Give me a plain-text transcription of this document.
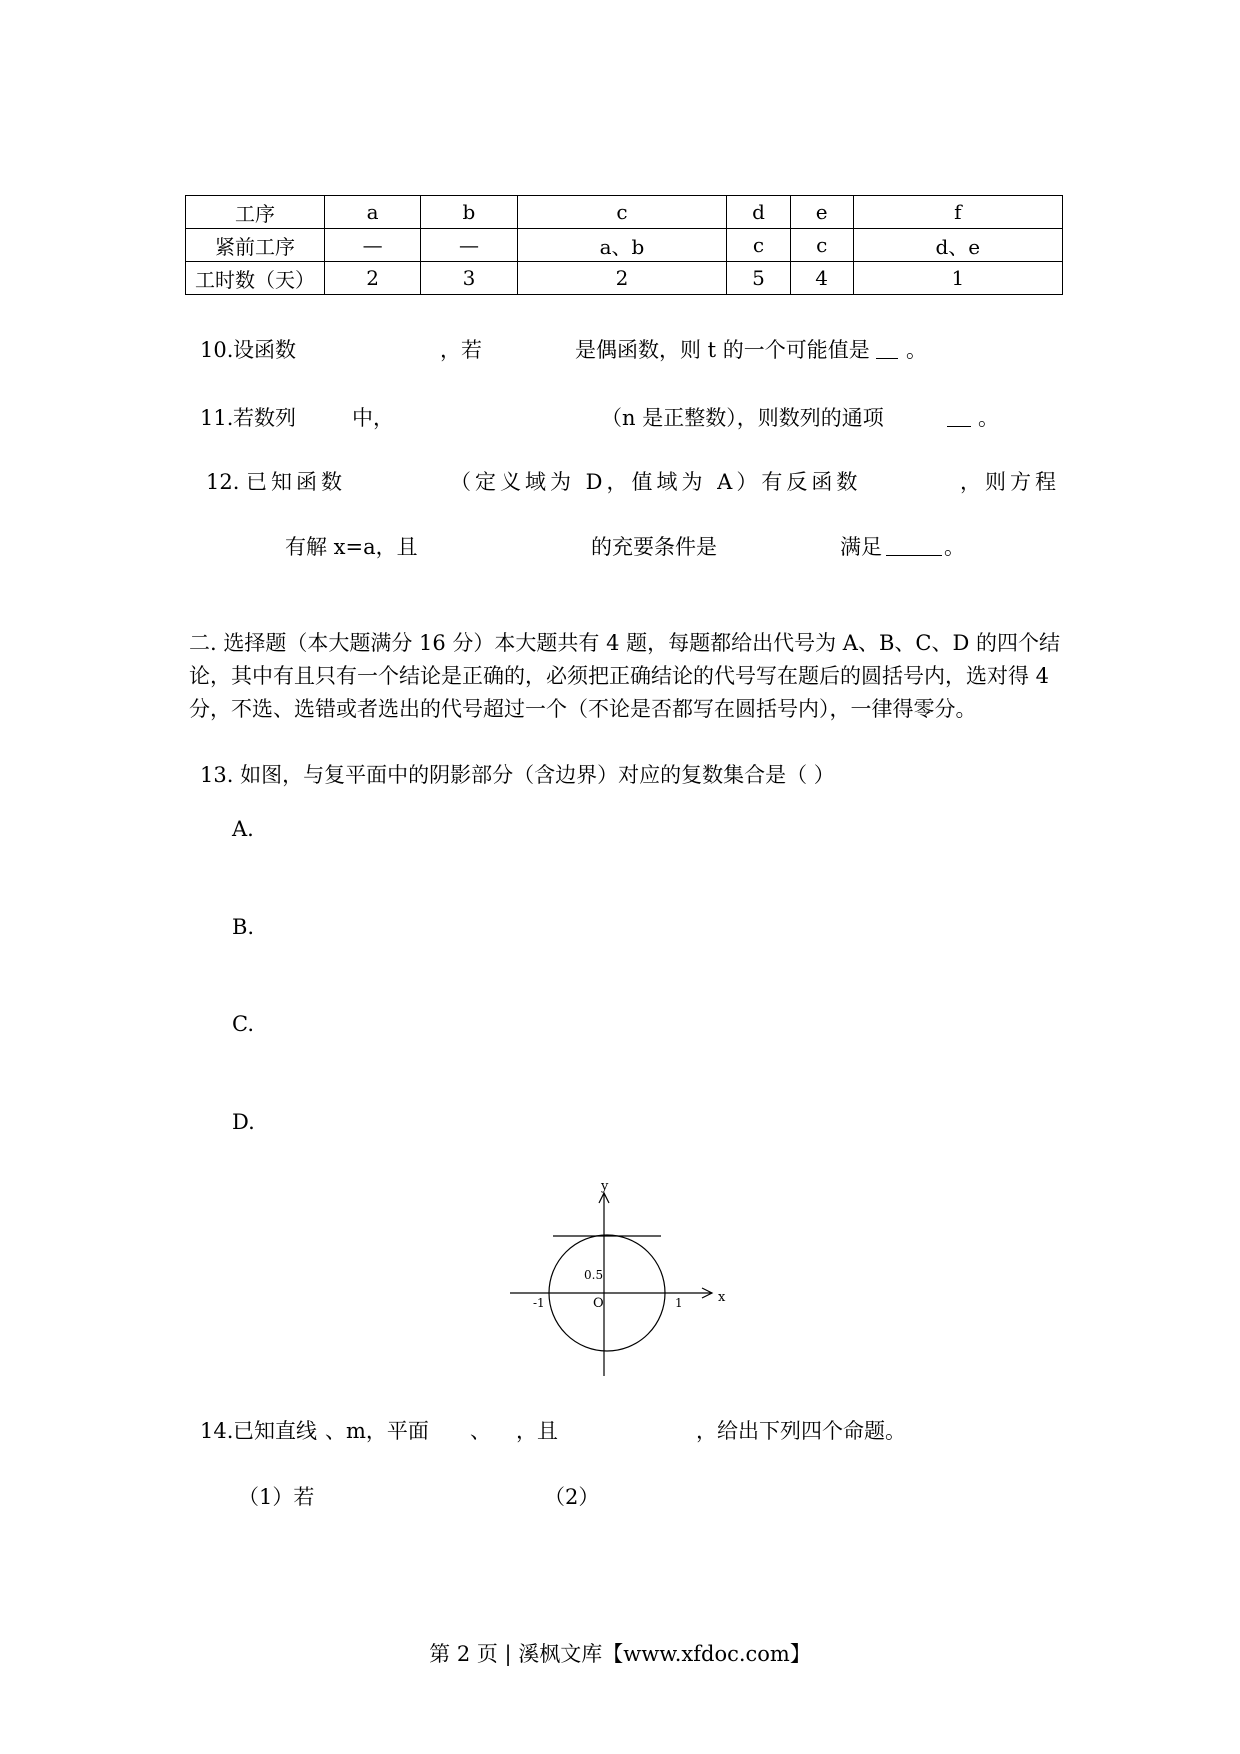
工序	a	b	c	d	e	f
紧前工序	—	—	a、b	c	c	d、e
工时数（天）	2	3	2	5	4	1
10. 设函数	，若	是偶函数，则 t 的一个可能值是 。
11. 若数列	中，	（n 是正整数），则数列的通项	。
12. 已知函数	（定义域为 D，值域为 A）有反函数	，则方程
有解 x=a，且	的充要条件是	满足	。
二. 选择题（本大题满分 16 分）本大题共有 4 题，每题都给出代号为 A、B、C、D 的四个结论，其中有且只有一个结论是正确的，必须把正确结论的代号写在题后的圆括号内，选对得 4 分，不选、选错或者选出的代号超过一个（不论是否都写在圆括号内），一律得零分。
13. 如图，与复平面中的阴影部分（含边界）对应的复数集合是（ ）
A.
B.
C.
D.
y
x
O
-1	1
0.5
14. 已知直线 、m，平面 、 ，且	，给出下列四个命题。
（1）若	（2）
第 2 页 | 溪枫文库【www.xfdoc.com】
